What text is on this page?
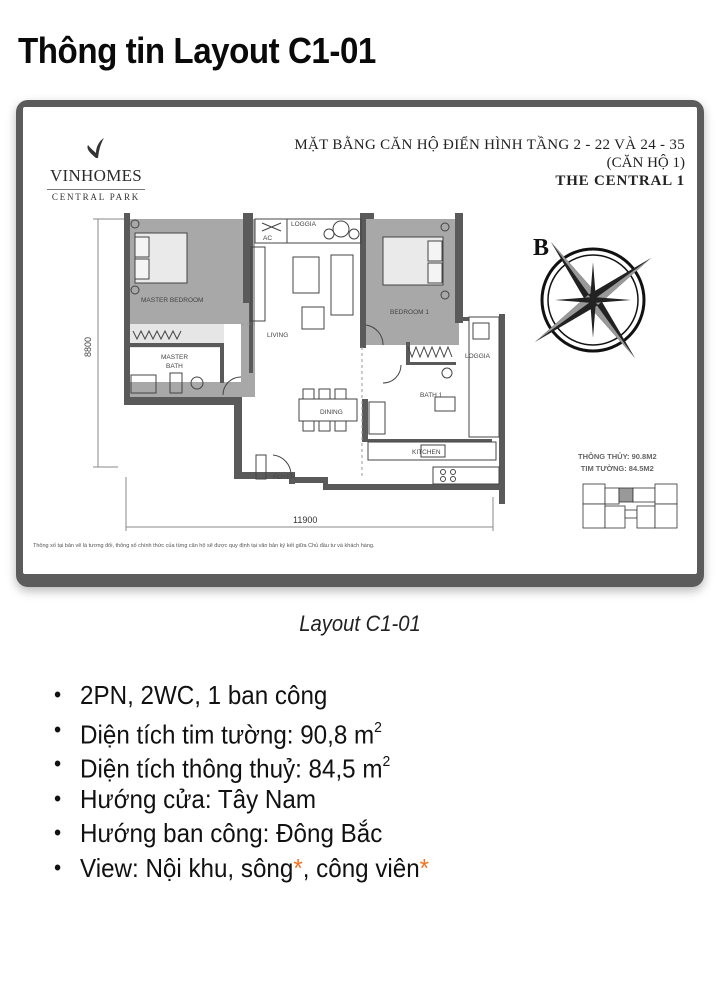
Thông tin Layout C1-01
VINHOMES
CENTRAL PARK
MẶT BẰNG CĂN HỘ ĐIỂN HÌNH TẦNG 2 - 22 VÀ 24 - 35
(CĂN HỘ 1)
THE CENTRAL 1
8800
11900
MASTER BEDROOM
MASTER
BATH
AC
LOGGIA
LIVING
DINING
BEDROOM 1
LOGGIA
BATH 1
KITCHEN
FOYER
B
THÔNG THỦY: 90.8M2
TIM TƯỜNG: 84.5M2
Thông số tại bản vẽ là tương đối, thông số chính thức của từng căn hộ sẽ được quy định tại văn bản ký kết giữa Chủ đầu tư và khách hàng.
Layout C1-01
• 2PN, 2WC, 1 ban công
• Diện tích tim tường: 90,8 $m^2$
• Diện tích thông thuỷ: 84,5 $m^2$
• Hướng cửa: Tây Nam
• Hướng ban công: Đông Bắc
• View: Nội khu, sông*, công viên*
